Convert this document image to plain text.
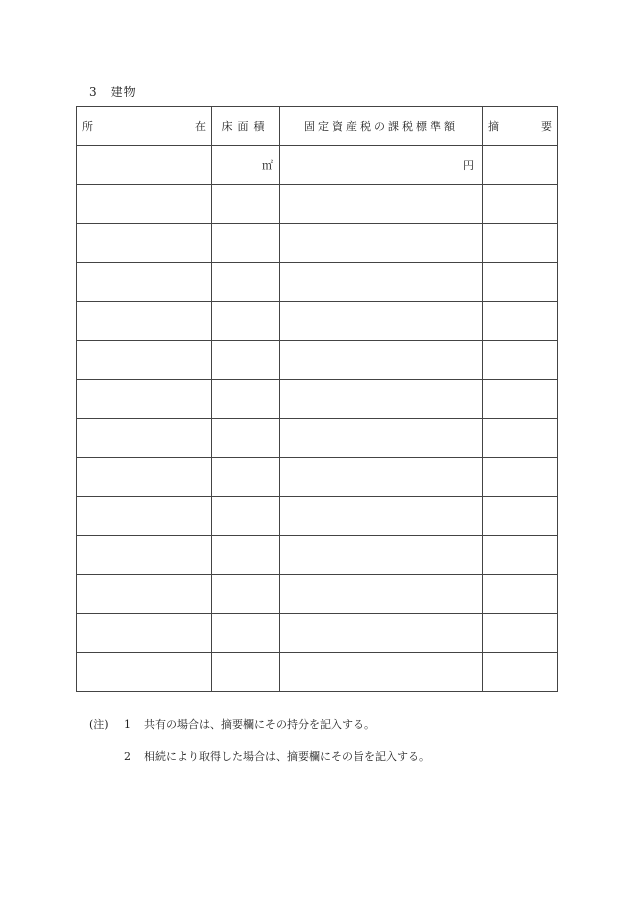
3　建物
所 在	床面積	固定資産税の課税標準額	摘 要

	㎡	円	

(注)	1	共有の場合は、摘要欄にその持分を記入する。
2	相続により取得した場合は、摘要欄にその旨を記入する。
